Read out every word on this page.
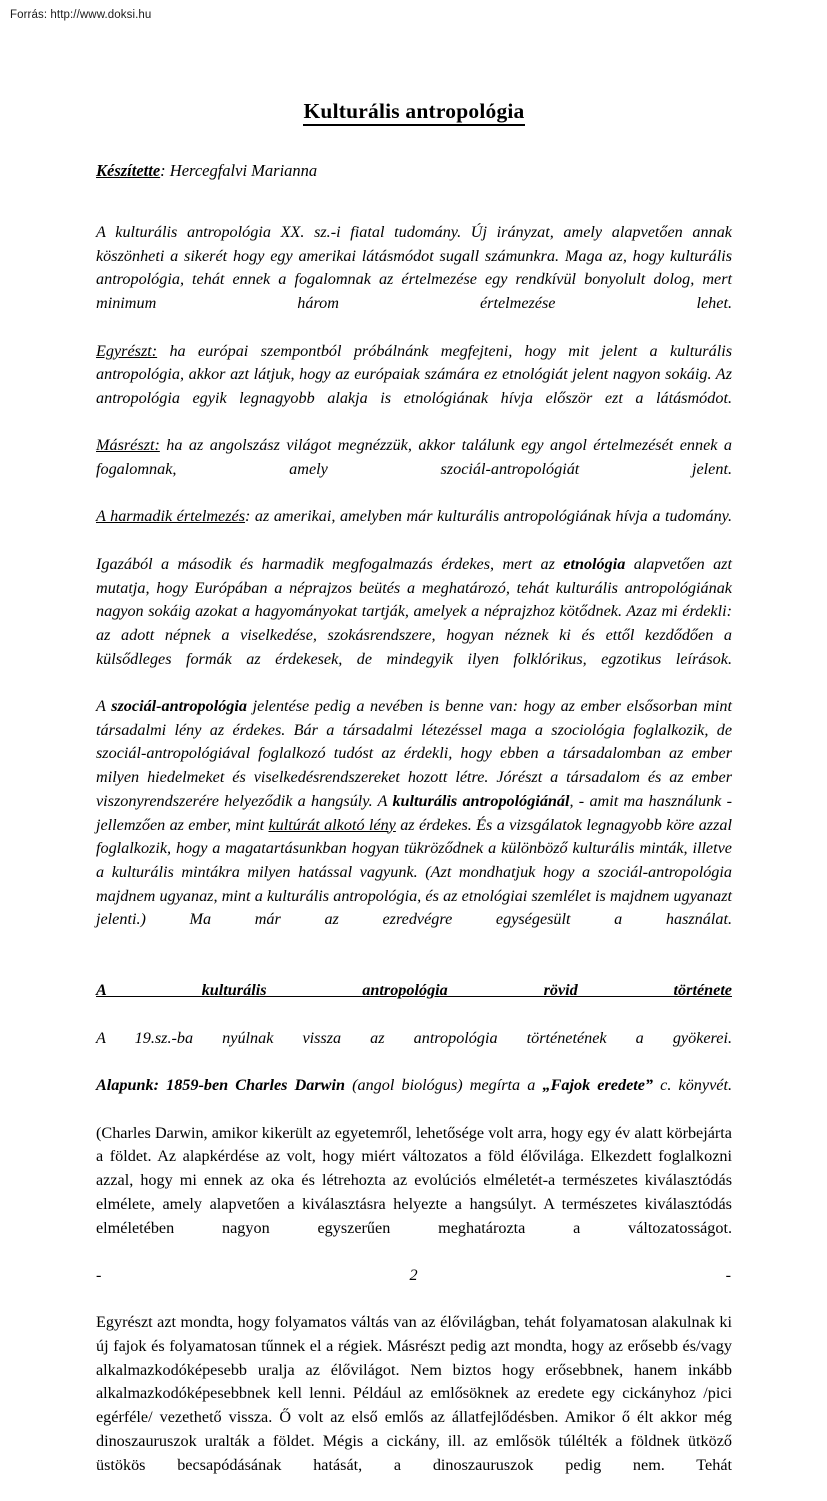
Forrás: http://www.doksi.hu
Kulturális antropológia
Készítette: Hercegfalvi Marianna

A kulturális antropológia XX. sz.-i fiatal tudomány. Új irányzat, amely alapvetően annak köszönheti a sikerét hogy egy amerikai látásmódot sugall számunkra. Maga az, hogy kulturális antropológia, tehát ennek a fogalomnak az értelmezése egy rendkívül bonyolult dolog, mert minimum három értelmezése lehet.

Egyrészt: ha európai szempontból próbálnánk megfejteni, hogy mit jelent a kulturális antropológia, akkor azt látjuk, hogy az európaiak számára ez etnológiát jelent nagyon sokáig. Az antropológia egyik legnagyobb alakja is etnológiának hívja először ezt a látásmódot.

Másrészt: ha az angolszász világot megnézzük, akkor találunk egy angol értelmezését ennek a fogalomnak, amely szociál-antropológiát jelent.

A harmadik értelmezés: az amerikai, amelyben már kulturális antropológiának hívja a tudomány.

Igazából a második és harmadik megfogalmazás érdekes, mert az etnológia alapvetően azt mutatja, hogy Európában a néprajzos beütés a meghatározó, tehát kulturális antropológiának nagyon sokáig azokat a hagyományokat tartják, amelyek a néprajzhoz kötődnek. Azaz mi érdekli: az adott népnek a viselkedése, szokásrendszere, hogyan néznek ki és ettől kezdődően a külsődleges formák az érdekesek, de mindegyik ilyen folklórikus, egzotikus leírások.

A szociál-antropológia jelentése pedig a nevében is benne van: hogy az ember elsősorban mint társadalmi lény az érdekes. Bár a társadalmi létezéssel maga a szociológia foglalkozik, de szociál-antropológiával foglalkozó tudóst az érdekli, hogy ebben a társadalomban az ember milyen hiedelmeket és viselkedésrendszereket hozott létre. Jórészt a társadalom és az ember viszonyrendszerére helyeződik a hangsúly. A kulturális antropológiánál, - amit ma használunk - jellemzően az ember, mint kultúrát alkotó lény az érdekes. És a vizsgálatok legnagyobb köre azzal foglalkozik, hogy a magatartásunkban hogyan tükröződnek a különböző kulturális minták, illetve a kulturális mintákra milyen hatással vagyunk. (Azt mondhatjuk hogy a szociál-antropológia majdnem ugyanaz, mint a kulturális antropológia, és az etnológiai szemlélet is majdnem ugyanazt jelenti.) Ma már az ezredvégre egységesült a használat.

A kulturális antropológia rövid története

A 19.sz.-ba nyúlnak vissza az antropológia történetének a gyökerei.

Alapunk: 1859-ben Charles Darwin (angol biológus) megírta a „Fajok eredete” c. könyvét.

(Charles Darwin, amikor kikerült az egyetemről, lehetősége volt arra, hogy egy év alatt körbejárta a földet. Az alapkérdése az volt, hogy miért változatos a föld élővilága. Elkezdett foglalkozni azzal, hogy mi ennek az oka és létrehozta az evolúciós elméletét-a természetes kiválasztódás elmélete, amely alapvetően a kiválasztásra helyezte a hangsúlyt. A természetes kiválasztódás elméletében nagyon egyszerűen meghatározta a változatosságot.

- 2 -

Egyrészt azt mondta, hogy folyamatos váltás van az élővilágban, tehát folyamatosan alakulnak ki új fajok és folyamatosan tűnnek el a régiek. Másrészt pedig azt mondta, hogy az erősebb és/vagy alkalmazkodóképesebb uralja az élővilágot. Nem biztos hogy erősebbnek, hanem inkább alkalmazkodóképesebbnek kell lenni. Például az emlősöknek az eredete egy cickányhoz /pici egérféle/ vezethető vissza. Ő volt az első emlős az állatfejlődésben. Amikor ő élt akkor még dinoszauruszok uralták a földet. Mégis a cickány, ill. az emlősök túlélték a földnek ütköző üstökös becsapódásának hatását, a dinoszauruszok pedig nem. Tehát
